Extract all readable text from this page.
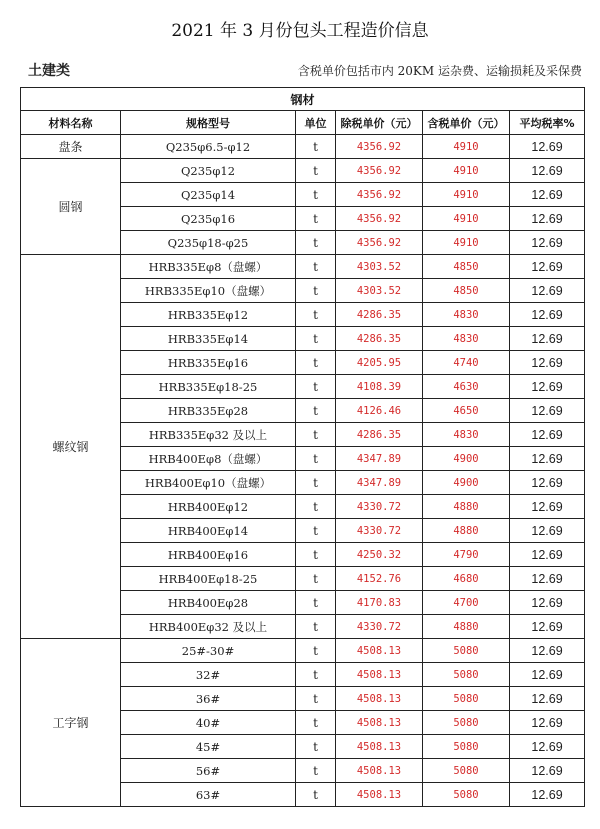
2021 年 3 月份包头工程造价信息
土建类	含税单价包括市内 20KM 运杂费、运输损耗及采保费
钢材					
材料名称	规格型号	单位	除税单价（元）	含税单价（元）	平均税率%
盘条	Q235φ6.5-φ12	t	4356.92	4910	12.69
圆钢	Q235φ12	t	4356.92	4910	12.69
	Q235φ14	t	4356.92	4910	12.69
	Q235φ16	t	4356.92	4910	12.69
	Q235φ18-φ25	t	4356.92	4910	12.69
螺纹钢	HRB335Eφ8（盘螺）	t	4303.52	4850	12.69
	HRB335Eφ10（盘螺）	t	4303.52	4850	12.69
	HRB335Eφ12	t	4286.35	4830	12.69
	HRB335Eφ14	t	4286.35	4830	12.69
	HRB335Eφ16	t	4205.95	4740	12.69
	HRB335Eφ18-25	t	4108.39	4630	12.69
	HRB335Eφ28	t	4126.46	4650	12.69
	HRB335Eφ32 及以上	t	4286.35	4830	12.69
	HRB400Eφ8（盘螺）	t	4347.89	4900	12.69
	HRB400Eφ10（盘螺）	t	4347.89	4900	12.69
	HRB400Eφ12	t	4330.72	4880	12.69
	HRB400Eφ14	t	4330.72	4880	12.69
	HRB400Eφ16	t	4250.32	4790	12.69
	HRB400Eφ18-25	t	4152.76	4680	12.69
	HRB400Eφ28	t	4170.83	4700	12.69
	HRB400Eφ32 及以上	t	4330.72	4880	12.69
工字钢	25#-30#	t	4508.13	5080	12.69
	32#	t	4508.13	5080	12.69
	36#	t	4508.13	5080	12.69
	40#	t	4508.13	5080	12.69
	45#	t	4508.13	5080	12.69
	56#	t	4508.13	5080	12.69
	63#	t	4508.13	5080	12.69
